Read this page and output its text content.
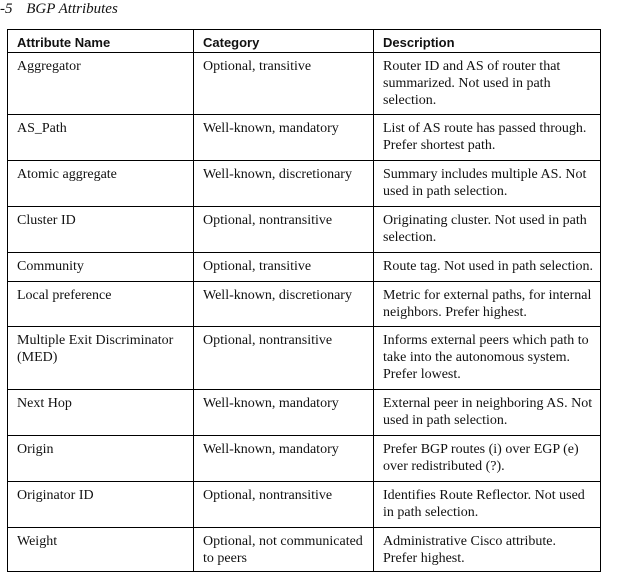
-5 BGP Attributes
Attribute Name	Category	Description
Aggregator	Optional, transitive	Router ID and AS of router that summarized. Not used in path selection.
AS_Path	Well-known, mandatory	List of AS route has passed through. Prefer shortest path.
Atomic aggregate	Well-known, discretionary	Summary includes multiple AS. Not used in path selection.
Cluster ID	Optional, nontransitive	Originating cluster. Not used in path selection.
Community	Optional, transitive	Route tag. Not used in path selection.
Local preference	Well-known, discretionary	Metric for external paths, for internal neighbors. Prefer highest.
Multiple Exit Discriminator (MED)	Optional, nontransitive	Informs external peers which path to take into the autonomous system. Prefer lowest.
Next Hop	Well-known, mandatory	External peer in neighboring AS. Not used in path selection.
Origin	Well-known, mandatory	Prefer BGP routes (i) over EGP (e) over redistributed (?).
Originator ID	Optional, nontransitive	Identifies Route Reflector. Not used in path selection.
Weight	Optional, not communicated to peers	Administrative Cisco attribute. Prefer highest.
